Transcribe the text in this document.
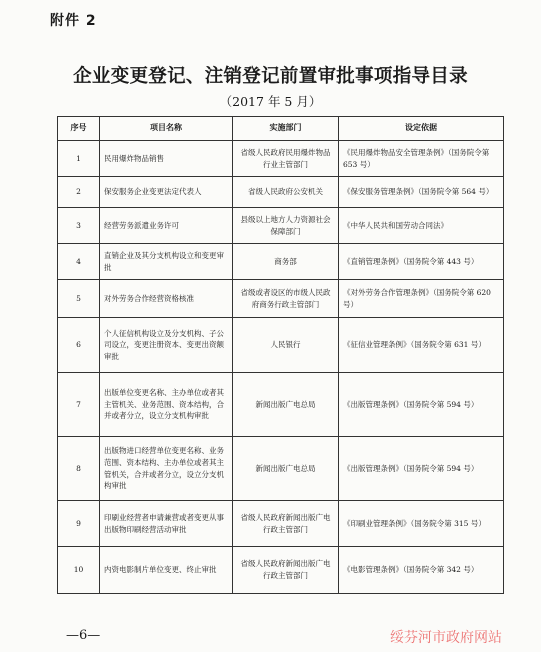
附件 2
企业变更登记、注销登记前置审批事项指导目录
（2017 年 5 月）
序号	项目名称	实施部门	设定依据
1	民用爆炸物品销售	省级人民政府民用爆炸物品行业主管部门	《民用爆炸物品安全管理条例》（国务院令第 653 号）
2	保安服务企业变更法定代表人	省级人民政府公安机关	《保安服务管理条例》（国务院令第 564 号）
3	经营劳务派遣业务许可	县级以上地方人力资源社会保障部门	《中华人民共和国劳动合同法》
4	直销企业及其分支机构设立和变更审批	商务部	《直销管理条例》（国务院令第 443 号）
5	对外劳务合作经营资格核准	省级或者设区的市级人民政府商务行政主管部门	《对外劳务合作管理条例》（国务院令第 620 号）
6	个人征信机构设立及分支机构、子公司设立，变更注册资本、变更出资额审批	人民银行	《征信业管理条例》（国务院令第 631 号）
7	出版单位变更名称、主办单位或者其主管机关、业务范围、资本结构，合并或者分立，设立分支机构审批	新闻出版广电总局	《出版管理条例》（国务院令第 594 号）
8	出版物进口经营单位变更名称、业务范围、资本结构、主办单位或者其主管机关，合并或者分立，设立分支机构审批	新闻出版广电总局	《出版管理条例》（国务院令第 594 号）
9	印刷业经营者申请兼营或者变更从事出版物印刷经营活动审批	省级人民政府新闻出版广电行政主管部门	《印刷业管理条例》（国务院令第 315 号）
10	内资电影制片单位变更、终止审批	省级人民政府新闻出版广电行政主管部门	《电影管理条例》（国务院令第 342 号）
—6—	绥芬河市政府网站
